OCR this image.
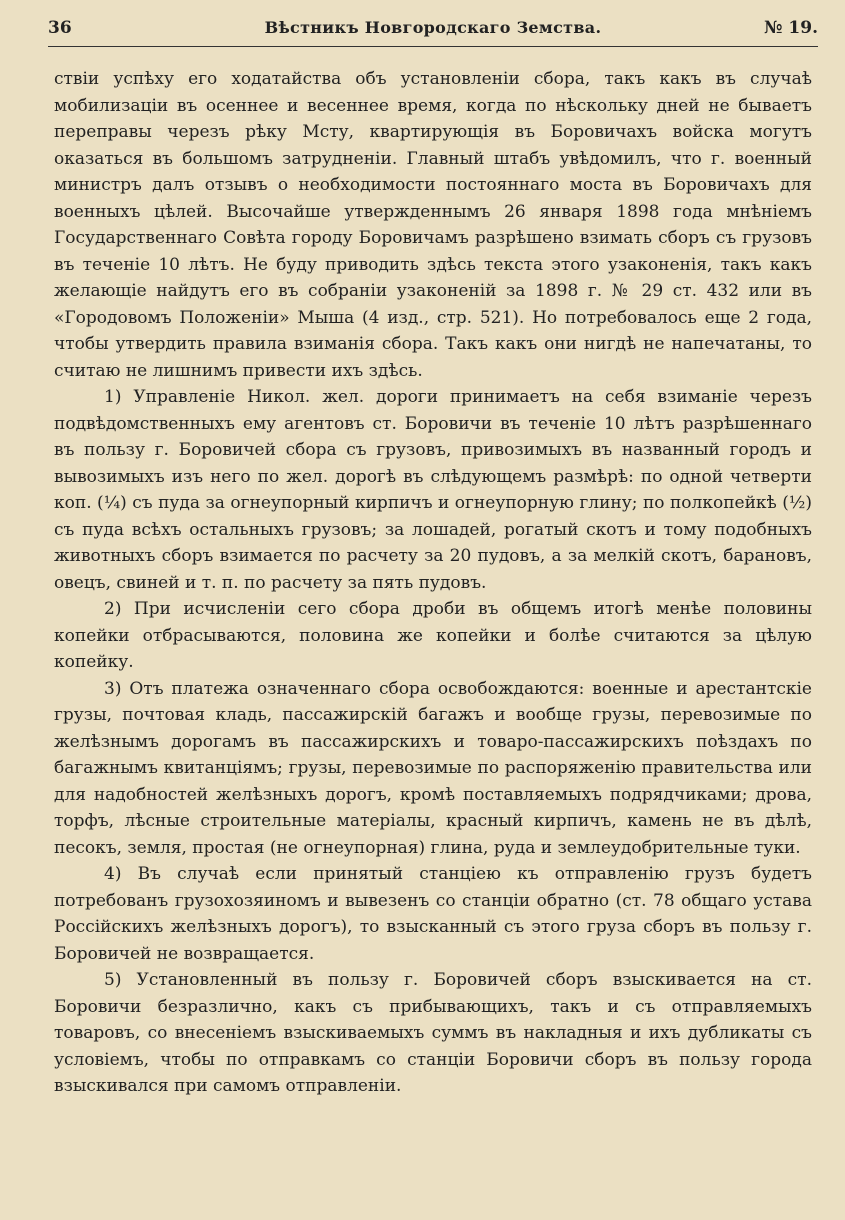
36	Вѣстникъ Новгородскаго Земства.	№ 19.

ствіи успѣху его ходатайства объ установленіи сбора, такъ какъ въ случаѣ мобилизаціи въ осеннее и весеннее время, когда по нѣскольку дней не бываетъ переправы черезъ рѣку Мсту, квартирующія въ Боровичахъ войска могутъ оказаться въ большомъ затрудненіи. Главный штабъ увѣдомилъ, что г. военный министръ далъ отзывъ о необходимости постояннаго моста въ Боровичахъ для военныхъ цѣлей. Высочайше утвержденнымъ 26 января 1898 года мнѣніемъ Государственнаго Совѣта городу Боровичамъ разрѣшено взимать сборъ съ грузовъ въ теченіе 10 лѣтъ. Не буду приводить здѣсь текста этого узаконенія, такъ какъ желающіе найдутъ его въ собраніи узаконеній за 1898 г. № 29 ст. 432 или въ «Городовомъ Положеніи» Мыша (4 изд., стр. 521). Но потребовалось еще 2 года, чтобы утвердить правила взиманія сбора. Такъ какъ они нигдѣ не напечатаны, то считаю не лишнимъ привести ихъ здѣсь.

1) Управленіе Никол. жел. дороги принимаетъ на себя взиманіе черезъ подвѣдомственныхъ ему агентовъ ст. Боровичи въ теченіе 10 лѣтъ разрѣшеннаго въ пользу г. Боровичей сбора съ грузовъ, привозимыхъ въ названный городъ и вывозимыхъ изъ него по жел. дорогѣ въ слѣдующемъ размѣрѣ: по одной четверти коп. (¼) съ пуда за огнеупорный кирпичъ и огнеупорную глину; по полкопейкѣ (½) съ пуда всѣхъ остальныхъ грузовъ; за лошадей, рогатый скотъ и тому подобныхъ животныхъ сборъ взимается по расчету за 20 пудовъ, а за мелкій скотъ, барановъ, овецъ, свиней и т. п. по расчету за пять пудовъ.

2) При исчисленіи сего сбора дроби въ общемъ итогѣ менѣе половины копейки отбрасываются, половина же копейки и болѣе считаются за цѣлую копейку.

3) Отъ платежа означеннаго сбора освобождаются: военные и арестантскіе грузы, почтовая кладь, пассажирскій багажъ и вообще грузы, перевозимые по желѣзнымъ дорогамъ въ пассажирскихъ и товаро-пассажирскихъ поѣздахъ по багажнымъ квитанціямъ; грузы, перевозимые по распоряженію правительства или для надобностей желѣзныхъ дорогъ, кромѣ поставляемыхъ подрядчиками; дрова, торфъ, лѣсные строительные матеріалы, красный кирпичъ, камень не въ дѣлѣ, песокъ, земля, простая (не огнеупорная) глина, руда и землеудобрительные туки.

4) Въ случаѣ если принятый станціею къ отправленію грузъ будетъ потребованъ грузохозяиномъ и вывезенъ со станціи обратно (ст. 78 общаго устава Россійскихъ желѣзныхъ дорогъ), то взысканный съ этого груза сборъ въ пользу г. Боровичей не возвращается.

5) Установленный въ пользу г. Боровичей сборъ взыскивается на ст. Боровичи безразлично, какъ съ прибывающихъ, такъ и съ отправляемыхъ товаровъ, со внесеніемъ взыскиваемыхъ суммъ въ накладныя и ихъ дубликаты съ условіемъ, чтобы по отправкамъ со станціи Боровичи сборъ въ пользу города взыскивался при самомъ отправленіи.
